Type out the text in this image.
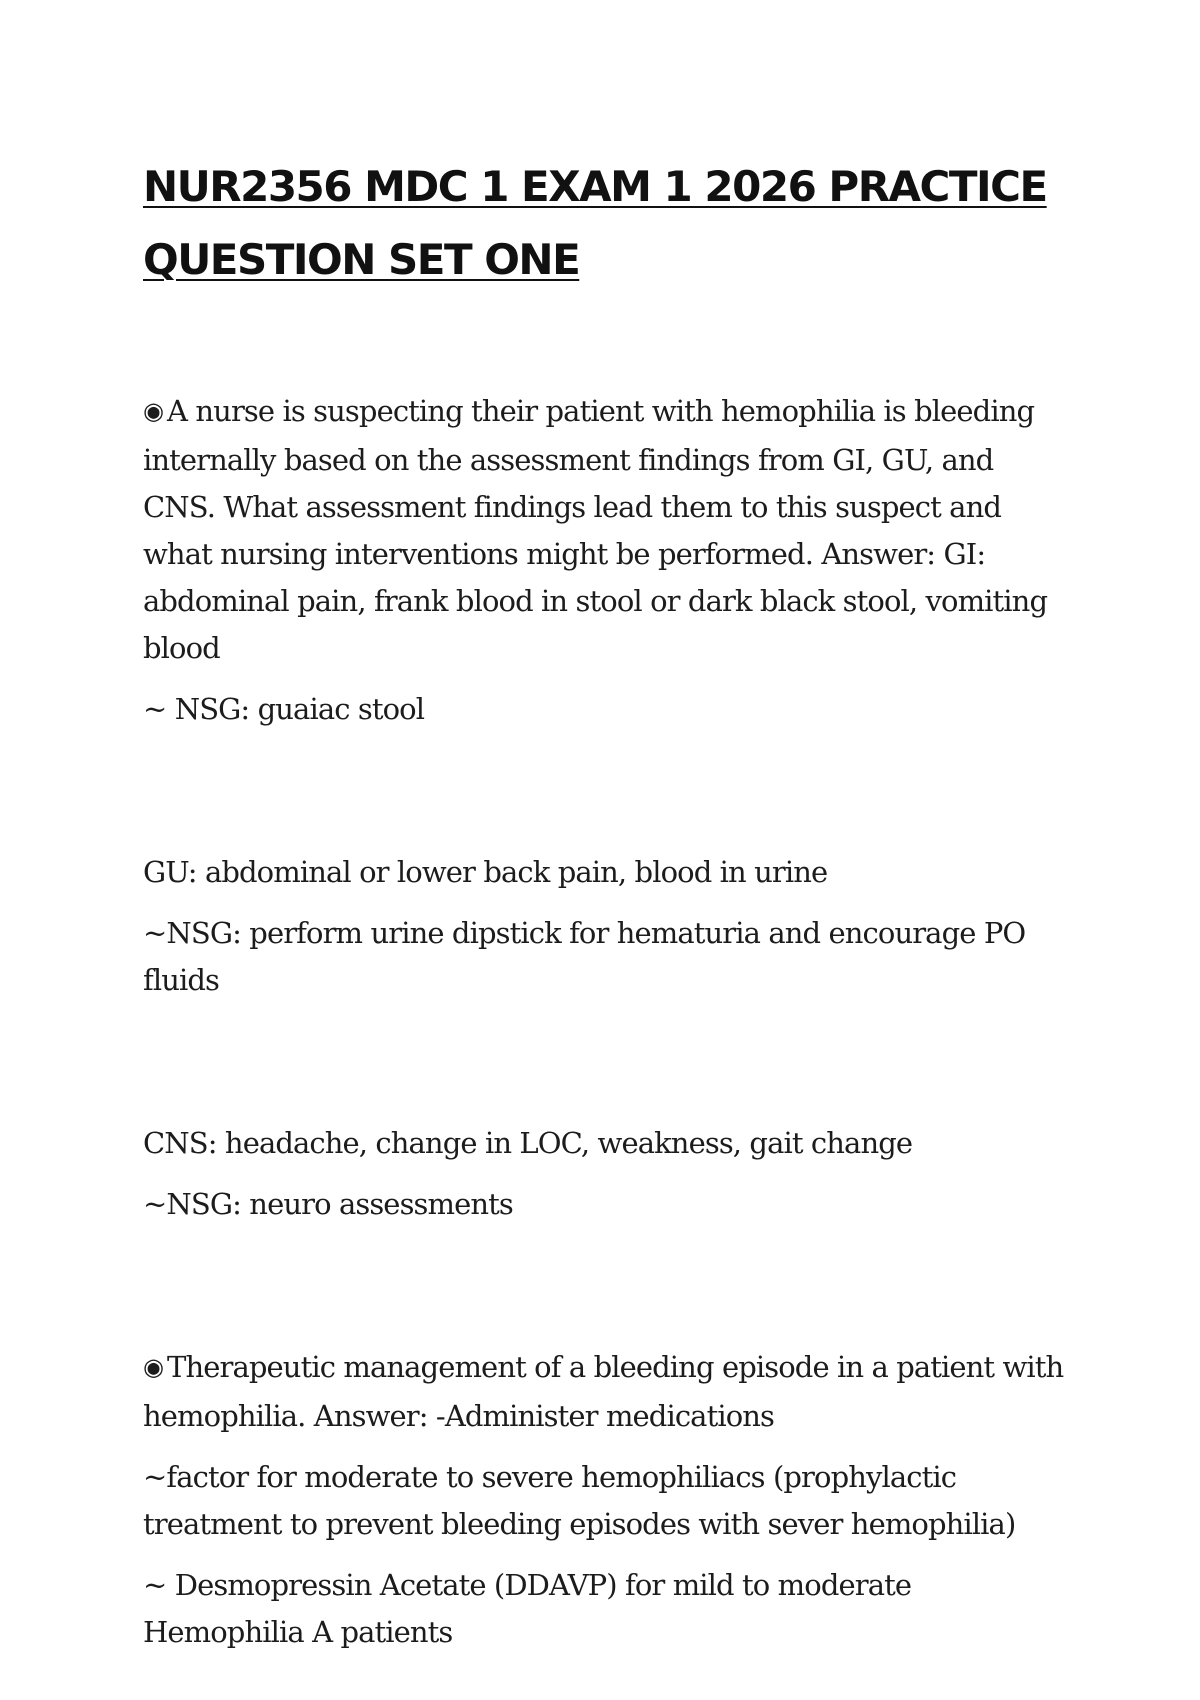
NUR2356 MDC 1 EXAM 1 2026 PRACTICE
QUESTION SET ONE

◉ A nurse is suspecting their patient with hemophilia is bleeding internally based on the assessment findings from GI, GU, and CNS. What assessment findings lead them to this suspect and what nursing interventions might be performed. Answer: GI: abdominal pain, frank blood in stool or dark black stool, vomiting blood

~ NSG: guaiac stool

GU: abdominal or lower back pain, blood in urine

~NSG: perform urine dipstick for hematuria and encourage PO fluids

CNS: headache, change in LOC, weakness, gait change

~NSG: neuro assessments

◉ Therapeutic management of a bleeding episode in a patient with hemophilia. Answer: -Administer medications

~factor for moderate to severe hemophiliacs (prophylactic treatment to prevent bleeding episodes with sever hemophilia)

~ Desmopressin Acetate (DDAVP) for mild to moderate Hemophilia A patients
